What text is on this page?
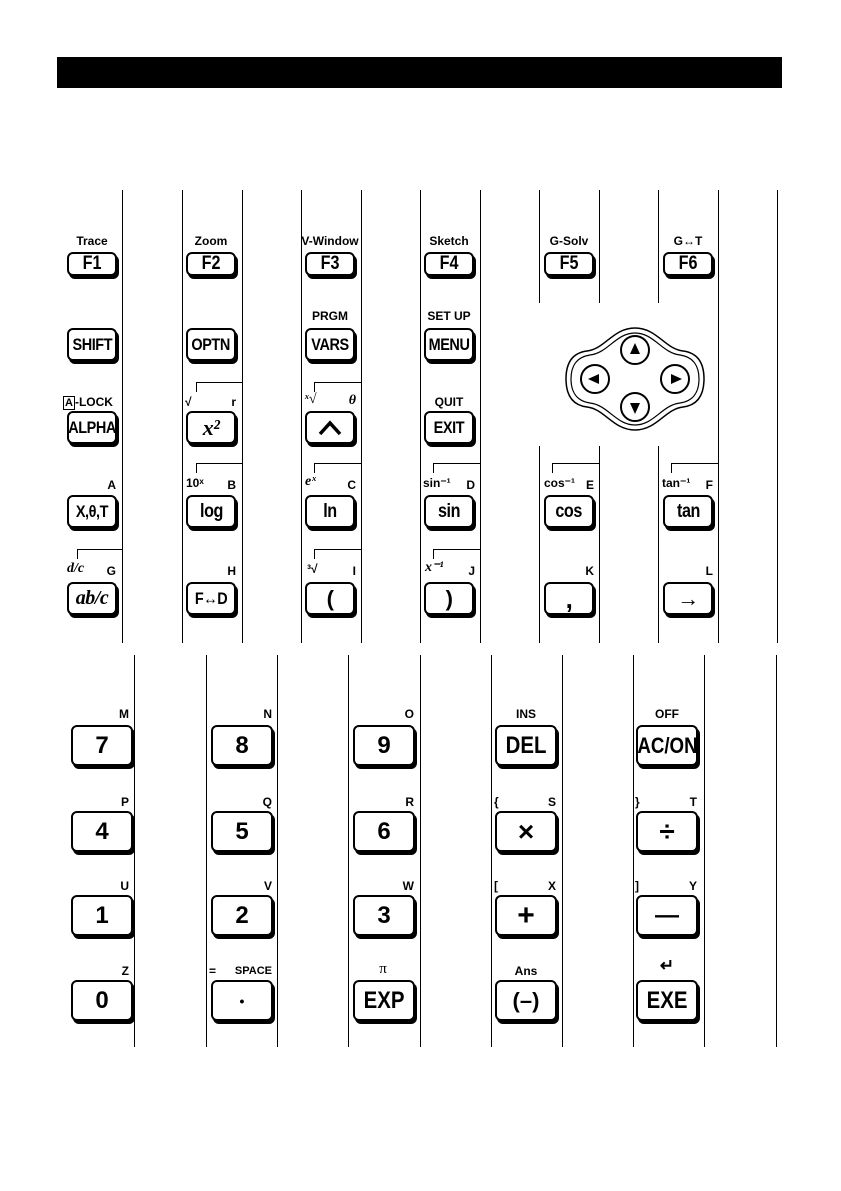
Trace
F1
Zoom
F2
V-Window
F3
Sketch
F4
G-Solv
F5
G↔T
F6
SHIFT	OPTN
PRGM
VARS
SET UP
MENU
A -LOCK
ALPHA
√	r
x²
ˣ√ θ	QUIT
EXIT
A
X,θ,T
10ˣ B
log
eˣ	C
ln
sin⁻¹ D
sin
cos⁻¹ E
cos
tan⁻¹ F
tan
d/c G
ab/c
H
F↔D
³√	I
(
x⁻¹ J
)
K
,
L
→
M
7
N
8
O
9
INS
DEL
OFF
AC/ON
P
4
Q
5
R
6
{	S
×
}	T
÷
U
1
V
2
W
3
[	X
+
]	Y
—
Z
0
= SPACE
•
π
EXP
Ans
(–)
↵
EXE
